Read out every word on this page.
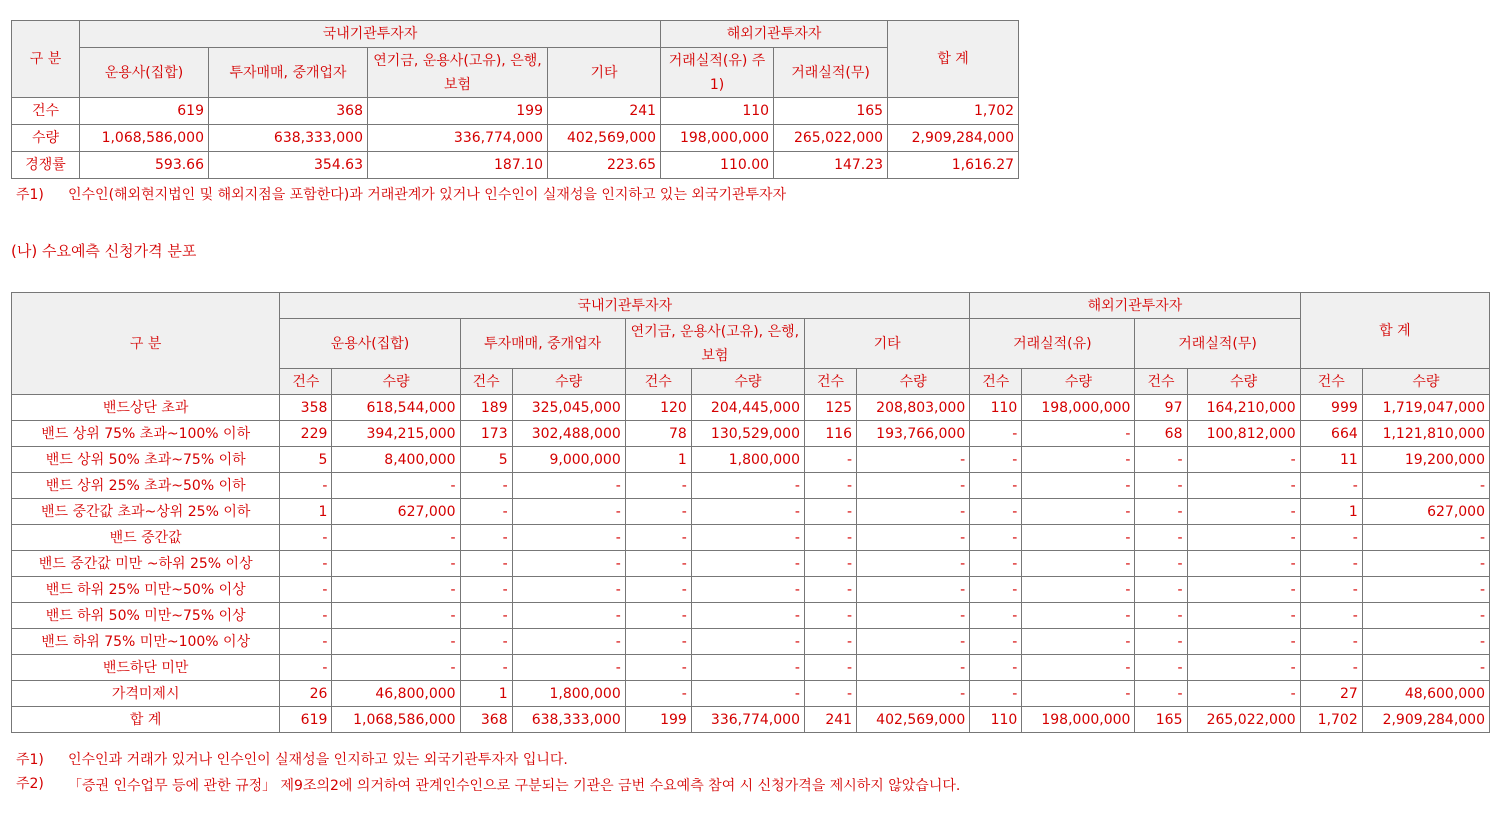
구 분	국내기관투자자				해외기관투자자		합 계
	운용사(집합)	투자매매, 중개업자	연기금, 운용사(고유), 은행, 보험	기타	거래실적(유) 주1)	거래실적(무)	
건수	619	368	199	241	110	165	1,702
수량	1,068,586,000	638,333,000	336,774,000	402,569,000	198,000,000	265,022,000	2,909,284,000
경쟁률	593.66	354.63	187.10	223.65	110.00	147.23	1,616.27
주1) 인수인(해외현지법인 및 해외지점을 포함한다)과 거래관계가 있거나 인수인이 실재성을 인지하고 있는 외국기관투자자
(나) 수요예측 신청가격 분포
구 분	국내기관투자자								해외기관투자자				합 계	
	운용사(집합)		투자매매, 중개업자		연기금, 운용사(고유), 은행, 보험		기타		거래실적(유)		거래실적(무)			
	건수	수량	건수	수량	건수	수량	건수	수량	건수	수량	건수	수량	건수	수량
밴드상단 초과	358	618,544,000	189	325,045,000	120	204,445,000	125	208,803,000	110	198,000,000	97	164,210,000	999	1,719,047,000
밴드 상위 75% 초과~100% 이하	229	394,215,000	173	302,488,000	78	130,529,000	116	193,766,000	-	-	68	100,812,000	664	1,121,810,000
밴드 상위 50% 초과~75% 이하	5	8,400,000	5	9,000,000	1	1,800,000	-	-	-	-	-	-	11	19,200,000
밴드 상위 25% 초과~50% 이하	-	-	-	-	-	-	-	-	-	-	-	-	-	-
밴드 중간값 초과~상위 25% 이하	1	627,000	-	-	-	-	-	-	-	-	-	-	1	627,000
밴드 중간값	-	-	-	-	-	-	-	-	-	-	-	-	-	-
밴드 중간값 미만 ~하위 25% 이상	-	-	-	-	-	-	-	-	-	-	-	-	-	-
밴드 하위 25% 미만~50% 이상	-	-	-	-	-	-	-	-	-	-	-	-	-	-
밴드 하위 50% 미만~75% 이상	-	-	-	-	-	-	-	-	-	-	-	-	-	-
밴드 하위 75% 미만~100% 이상	-	-	-	-	-	-	-	-	-	-	-	-	-	-
밴드하단 미만	-	-	-	-	-	-	-	-	-	-	-	-	-	-
가격미제시	26	46,800,000	1	1,800,000	-	-	-	-	-	-	-	-	27	48,600,000
합 계	619	1,068,586,000	368	638,333,000	199	336,774,000	241	402,569,000	110	198,000,000	165	265,022,000	1,702	2,909,284,000
주1) 인수인과 거래가 있거나 인수인이 실재성을 인지하고 있는 외국기관투자자 입니다.
주2) 「증권 인수업무 등에 관한 규정」 제9조의2에 의거하여 관계인수인으로 구분되는 기관은 금번 수요예측 참여 시 신청가격을 제시하지 않았습니다.
